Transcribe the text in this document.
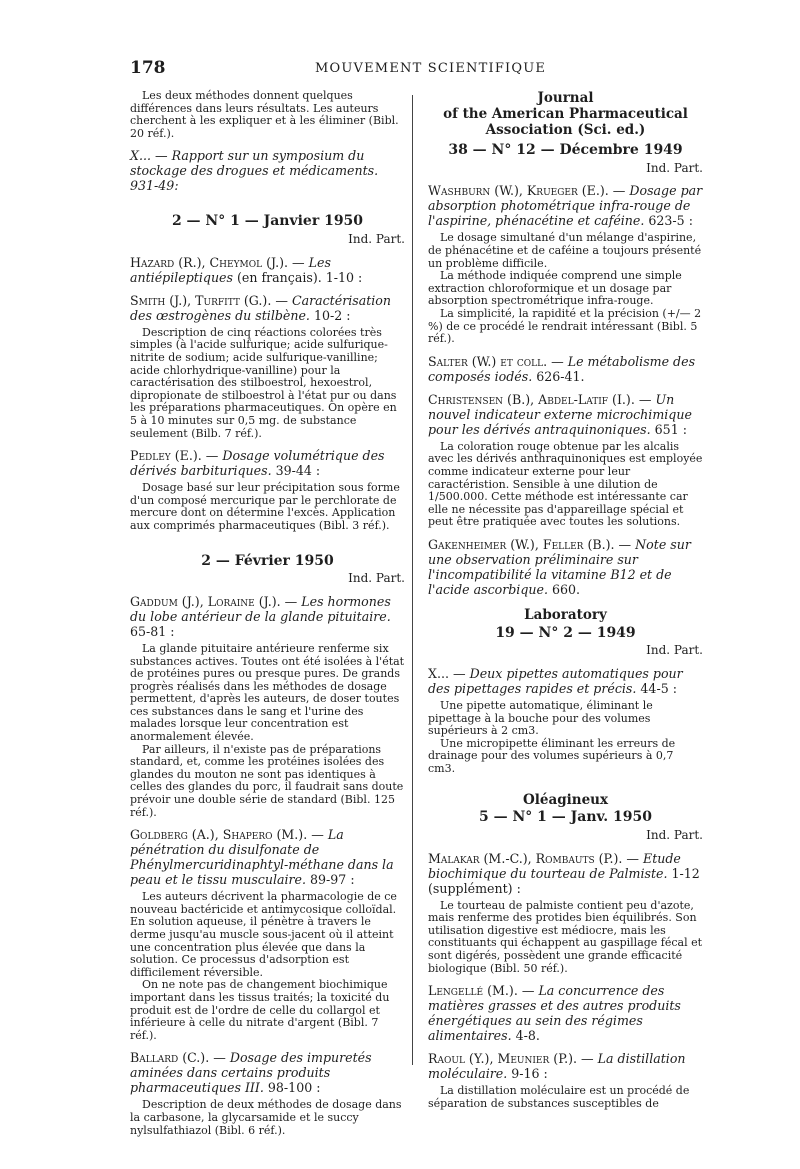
178	MOUVEMENT SCIENTIFIQUE

Les deux méthodes donnent quelques différences dans leurs résultats. Les auteurs cherchent à les expliquer et à les éliminer (Bibl. 20 réf.).

X... — Rapport sur un symposium du stockage des drogues et médicaments. 931-49:

2 — N° 1 — Janvier 1950
Ind. Part.

Hazard (R.), Cheymol (J.). — Les antiépileptiques (en français). 1-10 :

Smith (J.), Turfitt (G.). — Caractérisation des œstrogènes du stilbène. 10-2 :

Description de cinq réactions colorées très simples (à l'acide sulfurique; acide sulfurique-nitrite de sodium; acide sulfurique-vanilline; acide chlorhydrique-vanilline) pour la caractérisation des stilboestrol, hexoestrol, dipropionate de stilboestrol à l'état pur ou dans les préparations pharmaceutiques. On opère en 5 à 10 minutes sur 0,5 mg. de substance seulement (Bilb. 7 réf.).

Pedley (E.). — Dosage volumétrique des dérivés barbituriques. 39-44 :

Dosage basé sur leur précipitation sous forme d'un composé mercurique par le perchlorate de mercure dont on détermine l'excès. Application aux comprimés pharmaceutiques (Bibl. 3 réf.).

2 — Février 1950
Ind. Part.

Gaddum (J.), Loraine (J.). — Les hormones du lobe antérieur de la glande pituitaire. 65-81 :

La glande pituitaire antérieure renferme six substances actives. Toutes ont été isolées à l'état de protéines pures ou presque pures. De grands progrès réalisés dans les méthodes de dosage permettent, d'après les auteurs, de doser toutes ces substances dans le sang et l'urine des malades lorsque leur concentration est anormalement élevée.

Par ailleurs, il n'existe pas de préparations standard, et, comme les protéines isolées des glandes du mouton ne sont pas identiques à celles des glandes du porc, il faudrait sans doute prévoir une double série de standard (Bibl. 125 réf.).

Goldberg (A.), Shapero (M.). — La pénétration du disulfonate de Phénylmercuridinaphtyl-méthane dans la peau et le tissu musculaire. 89-97 :

Les auteurs décrivent la pharmacologie de ce nouveau bactéricide et antimycosique colloïdal. En solution aqueuse, il pénètre à travers le derme jusqu'au muscle sous-jacent où il atteint une concentration plus élevée que dans la solution. Ce processus d'adsorption est difficilement réversible.

On ne note pas de changement biochimique important dans les tissus traités; la toxicité du produit est de l'ordre de celle du collargol et inférieure à celle du nitrate d'argent (Bibl. 7 réf.).

Ballard (C.). — Dosage des impuretés aminées dans certains produits pharmaceutiques III. 98-100 :

Description de deux méthodes de dosage dans la carbasone, la glycarsamide et le succy nylsulfathiazol (Bibl. 6 réf.).

Journal
of the American Pharmaceutical
Association (Sci. ed.)
38 — N° 12 — Décembre 1949
Ind. Part.

Washburn (W.), Krueger (E.). — Dosage par absorption photométrique infra-rouge de l'aspirine, phénacétine et caféine. 623-5 :

Le dosage simultané d'un mélange d'aspirine, de phénacétine et de caféine a toujours présenté un problème difficile.

La méthode indiquée comprend une simple extraction chloroformique et un dosage par absorption spectrométrique infra-rouge.

La simplicité, la rapidité et la précision (+/— 2 %) de ce procédé le rendrait intéressant (Bibl. 5 réf.).

Salter (W.) et coll. — Le métabolisme des composés iodés. 626-41.

Christensen (B.), Abdel-Latif (I.). — Un nouvel indicateur externe microchimique pour les dérivés antraquinoniques. 651 :

La coloration rouge obtenue par les alcalis avec les dérivés anthraquinoniques est employée comme indicateur externe pour leur caractéristion. Sensible à une dilution de 1/500.000. Cette méthode est intéressante car elle ne nécessite pas d'appareillage spécial et peut être pratiquée avec toutes les solutions.

Gakenheimer (W.), Feller (B.). — Note sur une observation préliminaire sur l'incompatibilité la vitamine B12 et de l'acide ascorbique. 660.

Laboratory
19 — N° 2 — 1949
Ind. Part.

X... — Deux pipettes automatiques pour des pipettages rapides et précis. 44-5 :

Une pipette automatique, éliminant le pipettage à la bouche pour des volumes supérieurs à 2 cm3.

Une micropipette éliminant les erreurs de drainage pour des volumes supérieurs à 0,7 cm3.

Oléagineux
5 — N° 1 — Janv. 1950
Ind. Part.

Malakar (M.-C.), Rombauts (P.). — Etude biochimique du tourteau de Palmiste. 1-12 (supplément) :

Le tourteau de palmiste contient peu d'azote, mais renferme des protides bien équilibrés. Son utilisation digestive est médiocre, mais les constituants qui échappent au gaspillage fécal et sont digérés, possèdent une grande efficacité biologique (Bibl. 50 réf.).

Lengellé (M.). — La concurrence des matières grasses et des autres produits énergétiques au sein des régimes alimentaires. 4-8.

Raoul (Y.), Meunier (P.). — La distillation moléculaire. 9-16 :

La distillation moléculaire est un procédé de séparation de substances susceptibles de
